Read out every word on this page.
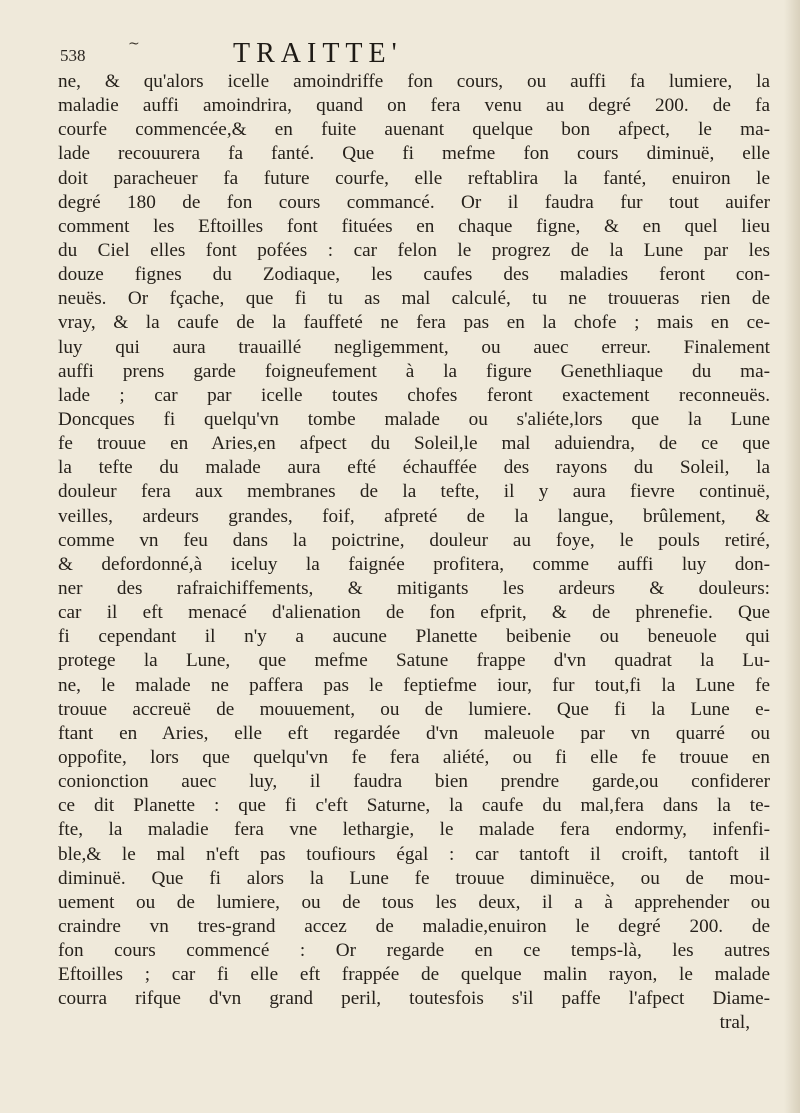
538
~	TRAITTE'
ne, & qu'alors icelle amoindriffe fon cours, ou auffi fa lumiere, la
maladie auffi amoindrira, quand on fera venu au degré 200. de fa
courfe commencée,& en fuite auenant quelque bon afpect, le ma-
lade recouurera fa fanté. Que fi mefme fon cours diminuë, elle
doit paracheuer fa future courfe, elle reftablira la fanté, enuiron le
degré 180 de fon cours commancé. Or il faudra fur tout auifer
comment les Eftoilles font fituées en chaque figne, & en quel lieu
du Ciel elles font pofées : car felon le progrez de la Lune par les
douze fignes du Zodiaque, les caufes des maladies feront con-
neuës. Or fçache, que fi tu as mal calculé, tu ne trouueras rien de
vray, & la caufe de la fauffeté ne fera pas en la chofe ; mais en ce-
luy qui aura trauaillé negligemment, ou auec erreur. Finalement
auffi prens garde foigneufement à la figure Genethliaque du ma-
lade ; car par icelle toutes chofes feront exactement reconneuës.
Doncques fi quelqu'vn tombe malade ou s'aliéte,lors que la Lune
fe trouue en Aries,en afpect du Soleil,le mal aduiendra, de ce que
la tefte du malade aura efté échauffée des rayons du Soleil, la
douleur fera aux membranes de la tefte, il y aura fievre continuë,
veilles, ardeurs grandes, foif, afpreté de la langue, brûlement, &
comme vn feu dans la poictrine, douleur au foye, le pouls retiré,
& defordonné,à iceluy la faignée profitera, comme auffi luy don-
ner des rafraichiffements, & mitigants les ardeurs & douleurs:
car il eft menacé d'alienation de fon efprit, & de phrenefie. Que
fi cependant il n'y a aucune Planette beibenie ou beneuole qui
protege la Lune, que mefme Satune frappe d'vn quadrat la Lu-
ne, le malade ne paffera pas le feptiefme iour, fur tout,fi la Lune fe
trouue accreuë de mouuement, ou de lumiere. Que fi la Lune e-
ftant en Aries, elle eft regardée d'vn maleuole par vn quarré ou
oppofite, lors que quelqu'vn fe fera aliété, ou fi elle fe trouue en
conionction auec luy, il faudra bien prendre garde,ou confiderer
ce dit Planette : que fi c'eft Saturne, la caufe du mal,fera dans la te-
fte, la maladie fera vne lethargie, le malade fera endormy, infenfi-
ble,& le mal n'eft pas toufiours égal : car tantoft il croift, tantoft il
diminuë. Que fi alors la Lune fe trouue diminuëce, ou de mou-
uement ou de lumiere, ou de tous les deux, il a à apprehender ou
craindre vn tres-grand accez de maladie,enuiron le degré 200. de
fon cours commencé : Or regarde en ce temps-là, les autres
Eftoilles ; car fi elle eft frappée de quelque malin rayon, le malade
courra rifque d'vn grand peril, toutesfois s'il paffe l'afpect Diame-
tral,
